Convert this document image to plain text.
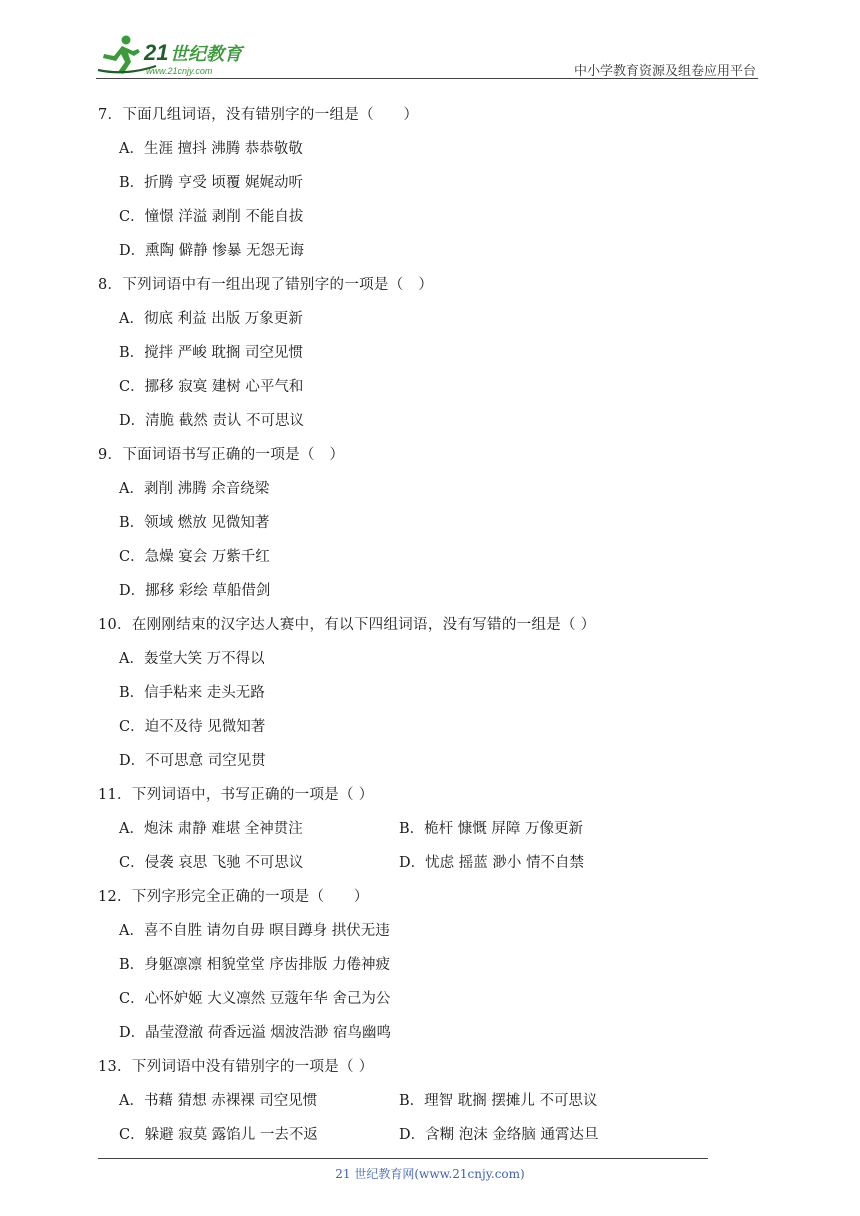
21 世纪教育
www.21cnjy.com	中小学教育资源及组卷应用平台
7．下面几组词语，没有错别字的一组是（　　）
A．生涯 擅抖 沸腾 恭恭敬敬
B．折腾 亨受 顷覆 娓娓动听
C．憧憬 洋溢 剥削 不能自拔
D．熏陶 僻静 惨暴 无怨无诲
8．下列词语中有一组出现了错别字的一项是（　）
A．彻底 利益 出版 万象更新
B．搅拌 严峻 耽搁 司空见惯
C．挪移 寂寞 建树 心平气和
D．清脆 截然 责认 不可思议
9．下面词语书写正确的一项是（　）
A．剥削 沸腾 余音绕梁
B．领域 燃放 见微知著
C．急燥 宴会 万紫千红
D．挪移 彩绘 草船借剑
10．在刚刚结束的汉字达人赛中，有以下四组词语，没有写错的一组是（ ）
A．轰堂大笑 万不得以
B．信手粘来 走头无路
C．迫不及待 见微知著
D．不可思意 司空见贯
11．下列词语中，书写正确的一项是（ ）
A．炮沫 肃静 难堪 全神贯注	B．桅杆 慷慨 屏障 万像更新
C．侵袭 哀思 飞驰 不可思议	D．忧虑 摇蓝 渺小 情不自禁
12．下列字形完全正确的一项是（　　）
A．喜不自胜 请勿自毋 暝目蹲身 拱伏无违
B．身躯凛凛 相貌堂堂 序齿排版 力倦神疲
C．心怀妒姬 大义凛然 豆蔻年华 舍己为公
D．晶莹澄澈 荷香远溢 烟波浩渺 宿鸟幽鸣
13．下列词语中没有错别字的一项是（ ）
A．书藉 猜想 赤裸裸 司空见惯	B．理智 耽搁 摆摊儿 不可思议
C．躲避 寂莫 露馅儿 一去不返	D．含糊 泡沫 金络脑 通霄达旦
21 世纪教育网(www.21cnjy.com)
